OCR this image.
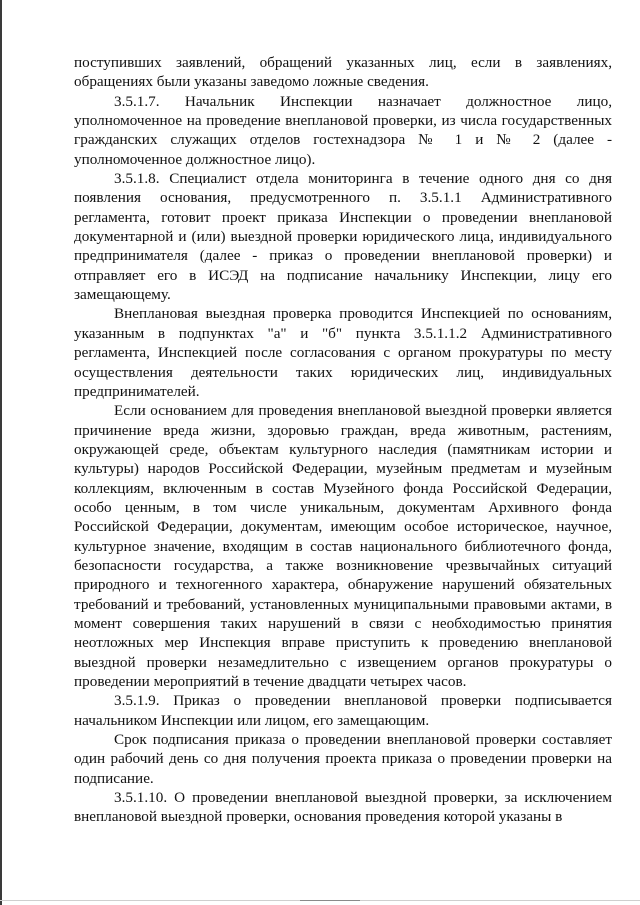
поступивших заявлений, обращений указанных лиц, если в заявлениях, обращениях были указаны заведомо ложные сведения.

3.5.1.7. Начальник Инспекции назначает должностное лицо, уполномоченное на проведение внеплановой проверки, из числа государственных гражданских служащих отделов гостехнадзора № 1 и № 2 (далее - уполномоченное должностное лицо).

3.5.1.8. Специалист отдела мониторинга в течение одного дня со дня появления основания, предусмотренного п. 3.5.1.1 Административного регламента, готовит проект приказа Инспекции о проведении внеплановой документарной и (или) выездной проверки юридического лица, индивидуального предпринимателя (далее - приказ о проведении внеплановой проверки) и отправляет его в ИСЭД на подписание начальнику Инспекции, лицу его замещающему.

Внеплановая выездная проверка проводится Инспекцией по основаниям, указанным в подпунктах "а" и "б" пункта 3.5.1.1.2 Административного регламента, Инспекцией после согласования с органом прокуратуры по месту осуществления деятельности таких юридических лиц, индивидуальных предпринимателей.

Если основанием для проведения внеплановой выездной проверки является причинение вреда жизни, здоровью граждан, вреда животным, растениям, окружающей среде, объектам культурного наследия (памятникам истории и культуры) народов Российской Федерации, музейным предметам и музейным коллекциям, включенным в состав Музейного фонда Российской Федерации, особо ценным, в том числе уникальным, документам Архивного фонда Российской Федерации, документам, имеющим особое историческое, научное, культурное значение, входящим в состав национального библиотечного фонда, безопасности государства, а также возникновение чрезвычайных ситуаций природного и техногенного характера, обнаружение нарушений обязательных требований и требований, установленных муниципальными правовыми актами, в момент совершения таких нарушений в связи с необходимостью принятия неотложных мер Инспекция вправе приступить к проведению внеплановой выездной проверки незамедлительно с извещением органов прокуратуры о проведении мероприятий в течение двадцати четырех часов.

3.5.1.9. Приказ о проведении внеплановой проверки подписывается начальником Инспекции или лицом, его замещающим.

Срок подписания приказа о проведении внеплановой проверки составляет один рабочий день со дня получения проекта приказа о проведении проверки на подписание.

3.5.1.10. О проведении внеплановой выездной проверки, за исключением внеплановой выездной проверки, основания проведения которой указаны в
